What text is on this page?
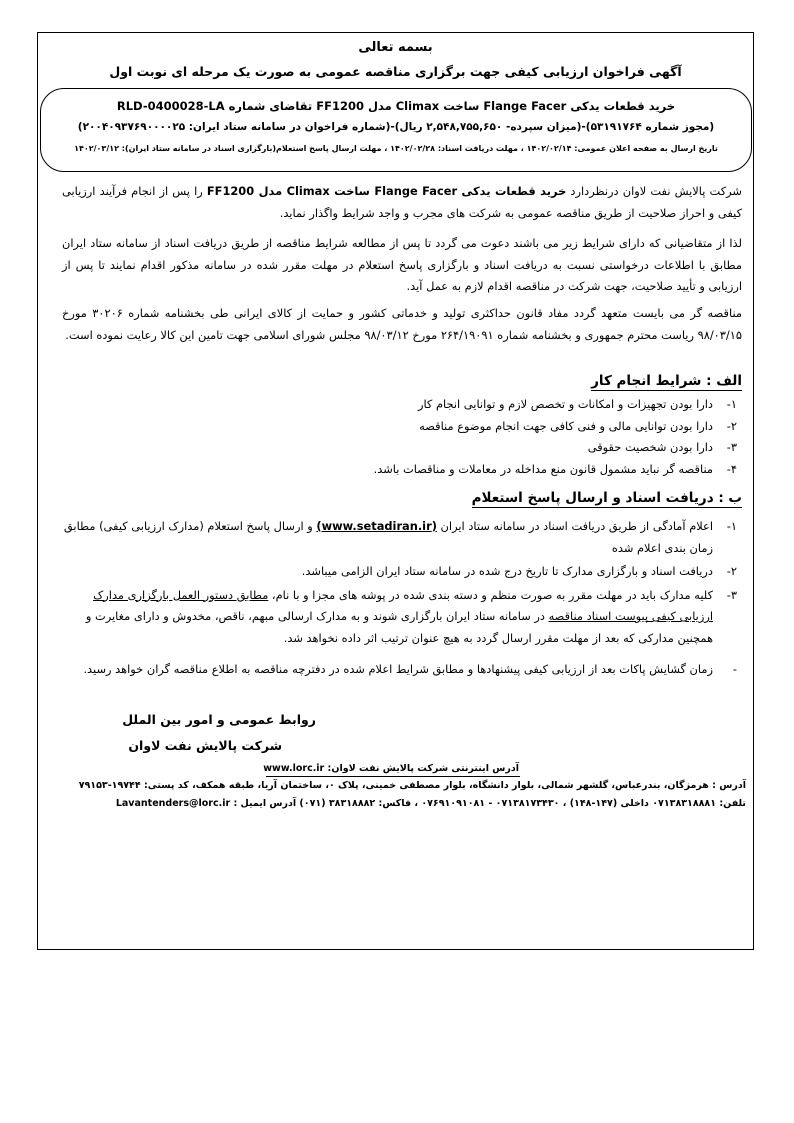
بسمه تعالی
آگهی فراخوان ارزیابی کیفی جهت برگزاری مناقصه عمومی به صورت یک مرحله ای نوبت اول
خرید قطعات یدکی Flange Facer ساخت Climax مدل FF1200 تقاضای شماره RLD-0400028-LA
(مجوز شماره ۵۳۱۹۱۷۶۴)-(میزان سپرده- ۲,۵۴۸,۷۵۵,۶۵۰ ریال)-(شماره فراخوان در سامانه ستاد ایران: ۲۰۰۴۰۹۳۷۶۹۰۰۰۰۲۵)
تاریخ ارسال به صفحه اعلان عمومی: ۱۴۰۲/۰۲/۱۴ ، مهلت دریافت اسناد: ۱۴۰۲/۰۲/۲۸ ، مهلت ارسال پاسخ استعلام(بارگزاری اسناد در سامانه ستاد ایران): ۱۴۰۲/۰۳/۱۲
شرکت پالایش نفت لاوان درنظردارد خرید قطعات یدکی Flange Facer ساخت Climax مدل FF1200 را پس از انجام فرآیند ارزیابی کیفی و احراز صلاحیت از طریق مناقصه عمومی به شرکت های مجرب و واجد شرایط واگذار نماید.
لذا از متقاضیانی که دارای شرایط زیر می باشند دعوت می گردد تا پس از مطالعه شرایط مناقصه از طریق دریافت اسناد از سامانه ستاد ایران مطابق با اطلاعات درخواستی نسبت به دریافت اسناد و بارگزاری پاسخ استعلام در مهلت مقرر شده در سامانه مذکور اقدام نمایند تا پس از ارزیابی و تأیید صلاحیت، جهت شرکت در مناقصه اقدام لازم به عمل آید.
مناقصه گر می بایست متعهد گردد مفاد قانون حداکثری تولید و خدماتی کشور و حمایت از کالای ایرانی طی بخشنامه شماره ۳۰۲۰۶ مورخ ۹۸/۰۳/۱۵ ریاست محترم جمهوری و بخشنامه شماره ۲۶۴/۱۹۰۹۱ مورخ ۹۸/۰۳/۱۲ مجلس شورای اسلامی جهت تامین این کالا رعایت نموده است.
الف : شرایط انجام کار
۱-
دارا بودن تجهیزات و امکانات و تخصص لازم و توانایی انجام کار
۲-
دارا بودن توانایی مالی و فنی کافی جهت انجام موضوع مناقصه
۳-
دارا بودن شخصیت حقوقی
۴-
مناقصه گر نباید مشمول قانون منع مداخله در معاملات و مناقصات باشد.
ب : دریافت اسناد و ارسال پاسخ استعلام
۱-
اعلام آمادگی از طریق دریافت اسناد در سامانه ستاد ایران (www.setadiran.ir) و ارسال پاسخ استعلام (مدارک ارزیابی کیفی) مطابق زمان بندی اعلام شده
۲-
دریافت اسناد و بارگزاری مدارک تا تاریخ درج شده در سامانه ستاد ایران الزامی میباشد.
۳-
کلیه مدارک باید در مهلت مقرر به صورت منظم و دسته بندی شده در پوشه های مجزا و با نام، مطابق دستور العمل بارگزاری مدارک ارزیابی کیفی پیوست اسناد مناقصه در سامانه ستاد ایران بارگزاری شوند و به مدارک ارسالی مبهم، ناقص، مخدوش و دارای مغایرت و همچنین مدارکی که بعد از مهلت مقرر ارسال گردد به هیچ عنوان ترتیب اثر داده نخواهد شد.
-
زمان گشایش پاکات بعد از ارزیابی کیفی پیشنهادها و مطابق شرایط اعلام شده در دفترچه مناقصه به اطلاع مناقصه گران خواهد رسید.
روابط عمومی و امور بین الملل
شرکت پالایش نفت لاوان
آدرس اینترنتی شرکت پالایش نفت لاوان: www.lorc.ir
آدرس : هرمزگان، بندرعباس، گلشهر شمالی، بلوار دانشگاه، بلوار مصطفی خمینی، پلاک ۰، ساختمان آریا، طبقه همکف، کد پستی: ۱۹۷۴۴-۷۹۱۵۳
تلفن: ۰۷۱۳۸۳۱۸۸۸۱ داخلی (۱۴۷-۱۴۸) ، ۰۷۱۳۸۱۷۳۴۳۰ - ۰۷۶۹۱۰۹۱۰۸۱ ، فاکس: ۳۸۳۱۸۸۸۲ (۰۷۱) آدرس ایمیل : Lavantenders@lorc.ir
